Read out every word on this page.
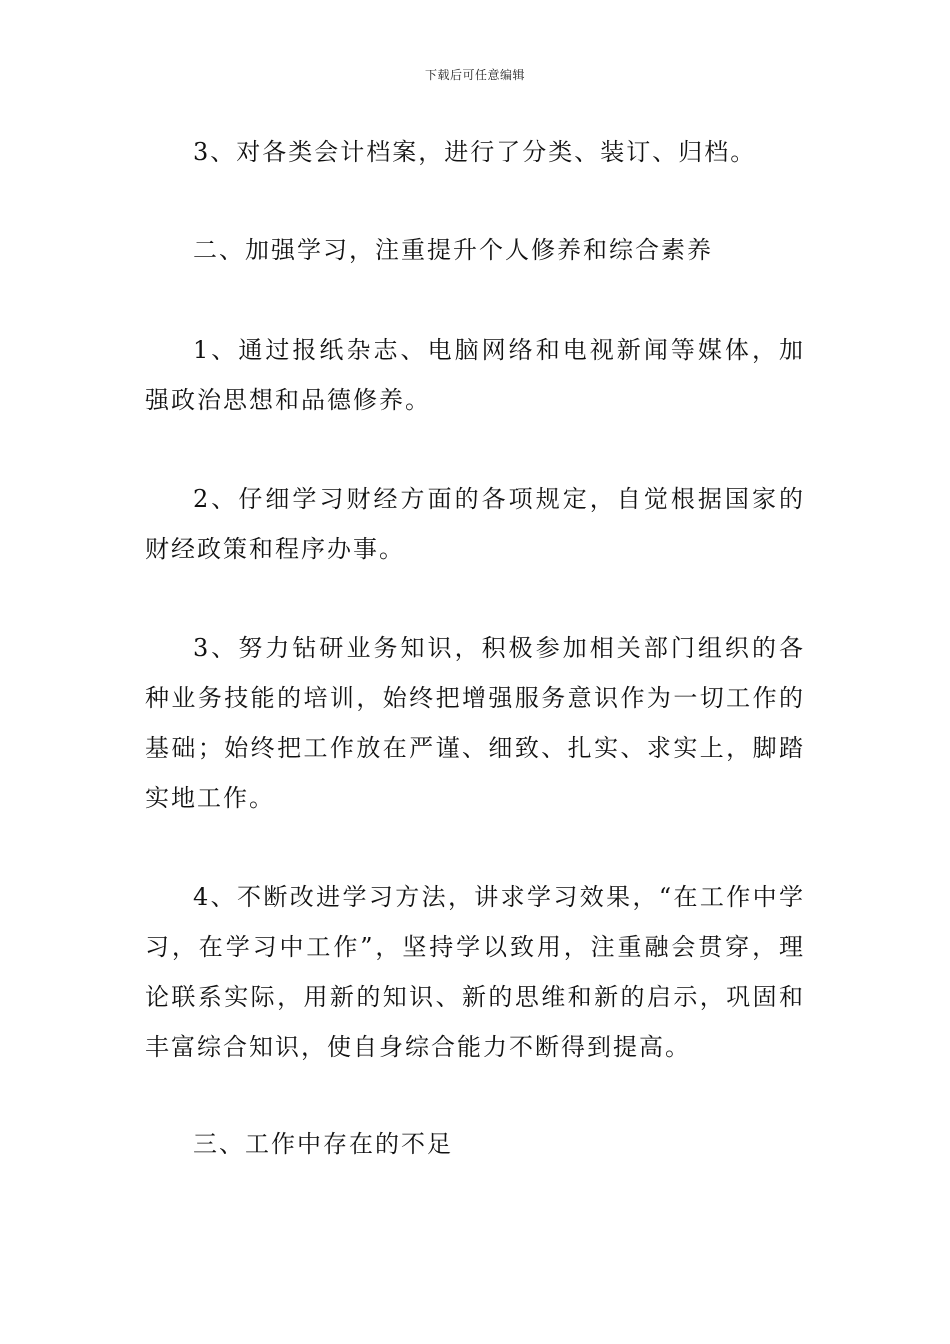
下载后可任意编辑

3、对各类会计档案，进行了分类、装订、归档。

二、加强学习，注重提升个人修养和综合素养

1、通过报纸杂志、电脑网络和电视新闻等媒体，加强政治思想和品德修养。

2、仔细学习财经方面的各项规定，自觉根据国家的财经政策和程序办事。

3、努力钻研业务知识，积极参加相关部门组织的各种业务技能的培训，始终把增强服务意识作为一切工作的基础；始终把工作放在严谨、细致、扎实、求实上，脚踏实地工作。

4、不断改进学习方法，讲求学习效果，“在工作中学习，在学习中工作”，坚持学以致用，注重融会贯穿，理论联系实际，用新的知识、新的思维和新的启示，巩固和丰富综合知识，使自身综合能力不断得到提高。

三、工作中存在的不足
